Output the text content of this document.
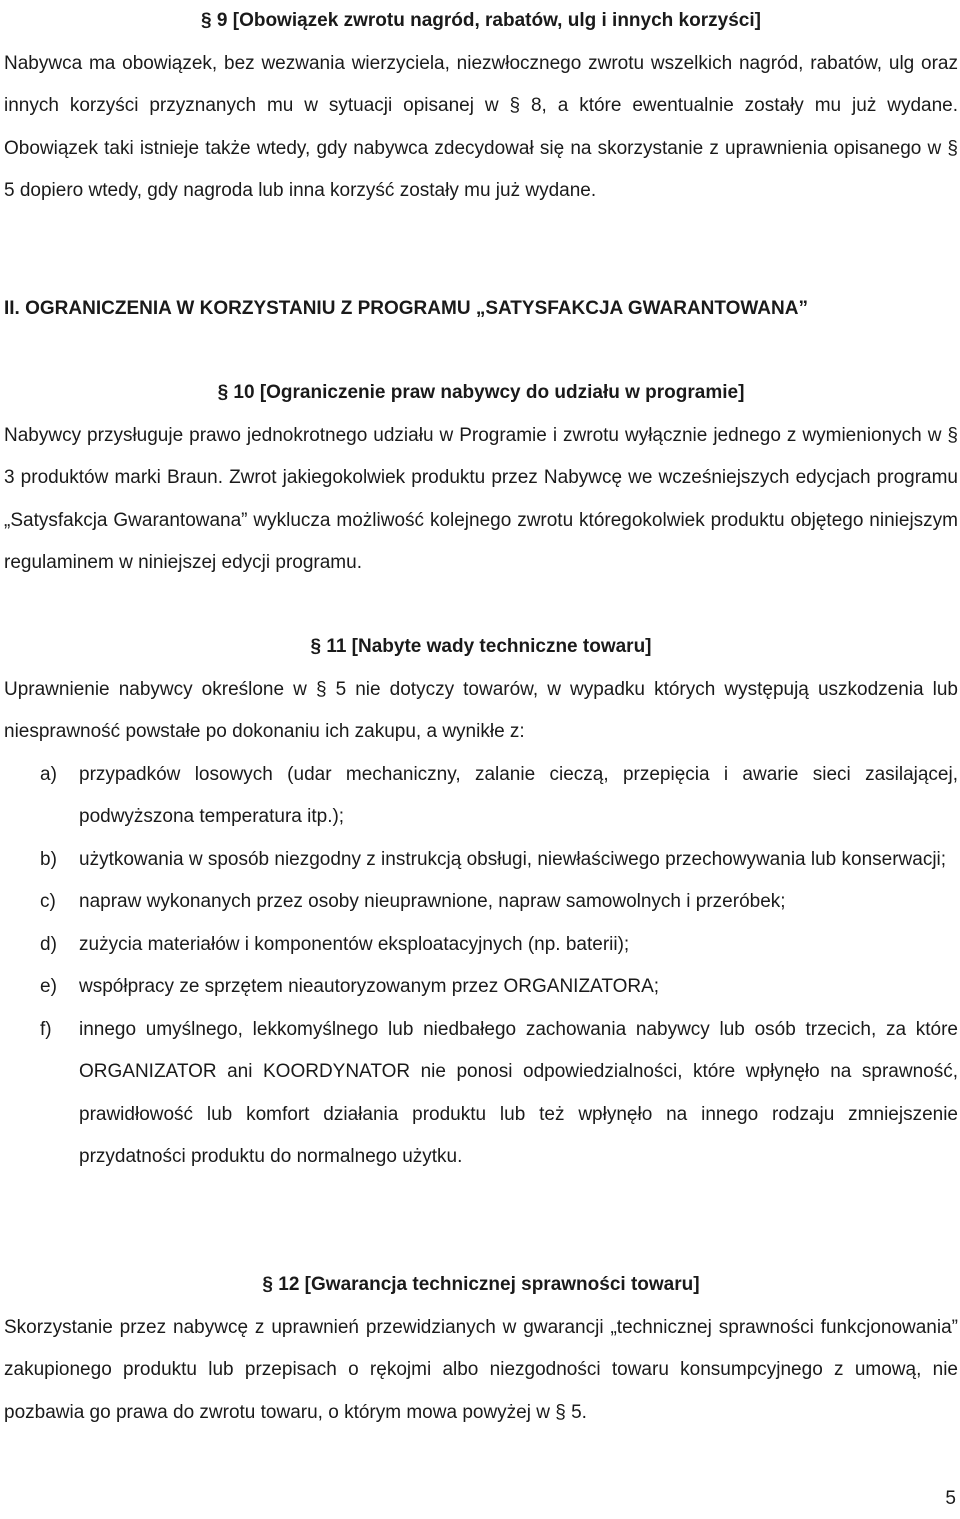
§ 9 [Obowiązek zwrotu nagród, rabatów, ulg i innych korzyści]

Nabywca ma obowiązek, bez wezwania wierzyciela, niezwłocznego zwrotu wszelkich nagród, rabatów, ulg oraz innych korzyści przyznanych mu w sytuacji opisanej w § 8, a które ewentualnie zostały mu już wydane. Obowiązek taki istnieje także wtedy, gdy nabywca zdecydował się na skorzystanie z uprawnienia opisanego w § 5 dopiero wtedy, gdy nagroda lub inna korzyść zostały mu już wydane.

II. OGRANICZENIA W KORZYSTANIU Z PROGRAMU „SATYSFAKCJA GWARANTOWANA”

§ 10 [Ograniczenie praw nabywcy do udziału w programie]

Nabywcy przysługuje prawo jednokrotnego udziału w Programie i zwrotu wyłącznie jednego z wymienionych w § 3 produktów marki Braun. Zwrot jakiegokolwiek produktu przez Nabywcę we wcześniejszych edycjach programu „Satysfakcja Gwarantowana” wyklucza możliwość kolejnego zwrotu któregokolwiek produktu objętego niniejszym regulaminem w niniejszej edycji programu.

§ 11 [Nabyte wady techniczne towaru]

Uprawnienie nabywcy określone w § 5 nie dotyczy towarów, w wypadku których występują uszkodzenia lub niesprawność powstałe po dokonaniu ich zakupu, a wynikłe z:

a)	przypadków losowych (udar mechaniczny, zalanie cieczą, przepięcia i awarie sieci zasilającej, podwyższona temperatura itp.);
b)	użytkowania w sposób niezgodny z instrukcją obsługi, niewłaściwego przechowywania lub konserwacji;
c)	napraw wykonanych przez osoby nieuprawnione, napraw samowolnych i przeróbek;
d)	zużycia materiałów i komponentów eksploatacyjnych (np. baterii);
e)	współpracy ze sprzętem nieautoryzowanym przez ORGANIZATORA;
f)	innego umyślnego, lekkomyślnego lub niedbałego zachowania nabywcy lub osób trzecich, za które ORGANIZATOR ani KOORDYNATOR nie ponosi odpowiedzialności, które wpłynęło na sprawność, prawidłowość lub komfort działania produktu lub też wpłynęło na innego rodzaju zmniejszenie przydatności produktu do normalnego użytku.

§ 12 [Gwarancja technicznej sprawności towaru]

Skorzystanie przez nabywcę z uprawnień przewidzianych w gwarancji „technicznej sprawności funkcjonowania” zakupionego produktu lub przepisach o rękojmi albo niezgodności towaru konsumpcyjnego z umową, nie pozbawia go prawa do zwrotu towaru, o którym mowa powyżej w § 5.

5
